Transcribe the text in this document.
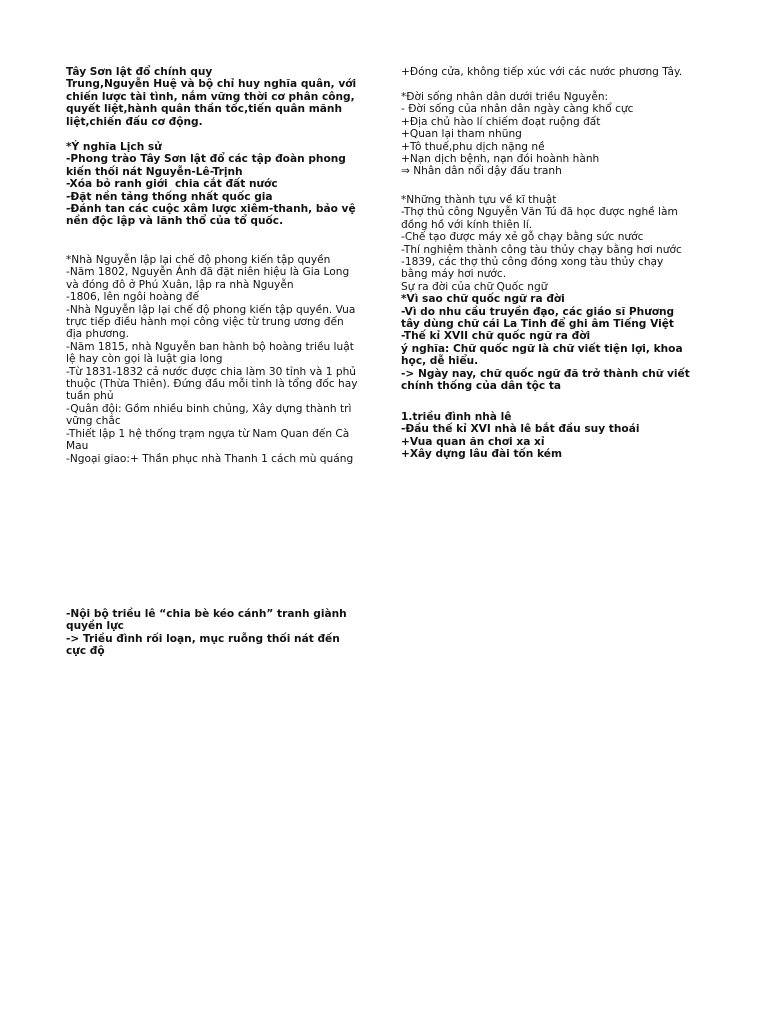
Tây Sơn lật đổ chính quy
Trung,Nguyễn Huệ và bộ chỉ huy nghĩa quân, với
chiến lược tài tình, nắm vững thời cơ phân công,
quyết liệt,hành quân thần tốc,tiến quân mãnh
liệt,chiến đấu cơ động.
*Ý nghĩa Lịch sử
-Phong trào Tây Sơn lật đổ các tập đoàn phong
kiến thối nát Nguyễn-Lê-Trịnh
-Xóa bỏ ranh giới  chia cắt đất nước
-Đặt nền tảng thống nhất quốc gia
-Đánh tan các cuộc xâm lược xiêm-thanh, bảo vệ
nền độc lập và lãnh thổ của tổ quốc.
*Nhà Nguyễn lập lại chế độ phong kiến tập quyền
-Năm 1802, Nguyễn Ánh đã đặt niên hiệu là Gia Long
và đóng đô ở Phú Xuân, lập ra nhà Nguyễn
-1806, lên ngôi hoàng đế
-Nhà Nguyễn lập lại chế độ phong kiến tập quyền. Vua
trực tiếp điều hành mọi công việc từ trung ương đến
địa phương.
-Năm 1815, nhà Nguyễn ban hành bộ hoàng triều luật
lệ hay còn gọi là luật gia long
-Từ 1831-1832 cả nước được chia làm 30 tỉnh và 1 phủ
thuộc (Thừa Thiên). Đứng đầu mỗi tỉnh là tổng đốc hay
tuần phủ
-Quân đội: Gồm nhiều binh chủng, Xây dựng thành trì
vững chắc
-Thiết lập 1 hệ thống trạm ngựa từ Nam Quan đến Cà
Mau
-Ngoại giao:+ Thần phục nhà Thanh 1 cách mù quáng
-Nội bộ triều lê “chia bè kéo cánh” tranh giành
quyền lực
-> Triều đình rối loạn, mục ruỗng thối nát đến
cực độ
+Đóng cửa, không tiếp xúc với các nước phương Tây.
*Đời sống nhân dân dưới triều Nguyễn:
- Đời sống của nhân dân ngày càng khổ cực
+Địa chủ hào lí chiếm đoạt ruộng đất
+Quan lại tham nhũng
+Tô thuế,phu dịch nặng nề
+Nạn dịch bệnh, nạn đói hoành hành
⇒ Nhân dân nổi dậy đấu tranh
*Những thành tựu về kĩ thuật
-Thợ thủ công Nguyễn Văn Tú đã học được nghề làm
đồng hồ với kính thiên lí.
-Chế tạo được máy xẻ gỗ chạy bằng sức nước
-Thí nghiệm thành công tàu thủy chạy bằng hơi nước
-1839, các thợ thủ công đóng xong tàu thủy chạy
bằng máy hơi nước.
Sự ra đời của chữ Quốc ngữ
*Vì sao chữ quốc ngữ ra đời
-Vì do nhu cầu truyền đạo, các giáo sĩ Phương
tây dùng chữ cái La Tinh để ghi âm Tiếng Việt
-Thế kỉ XVII chữ quốc ngữ ra đời
ý nghĩa: Chữ quốc ngữ là chữ viết tiện lợi, khoa
học, dễ hiểu.
-> Ngày nay, chữ quốc ngữ đã trở thành chữ viết
chính thống của dân tộc ta
1.triều đình nhà lê
-Đầu thế kỉ XVI nhà lê bắt đầu suy thoái
+Vua quan ăn chơi xa xỉ
+Xây dựng lâu đài tốn kém
